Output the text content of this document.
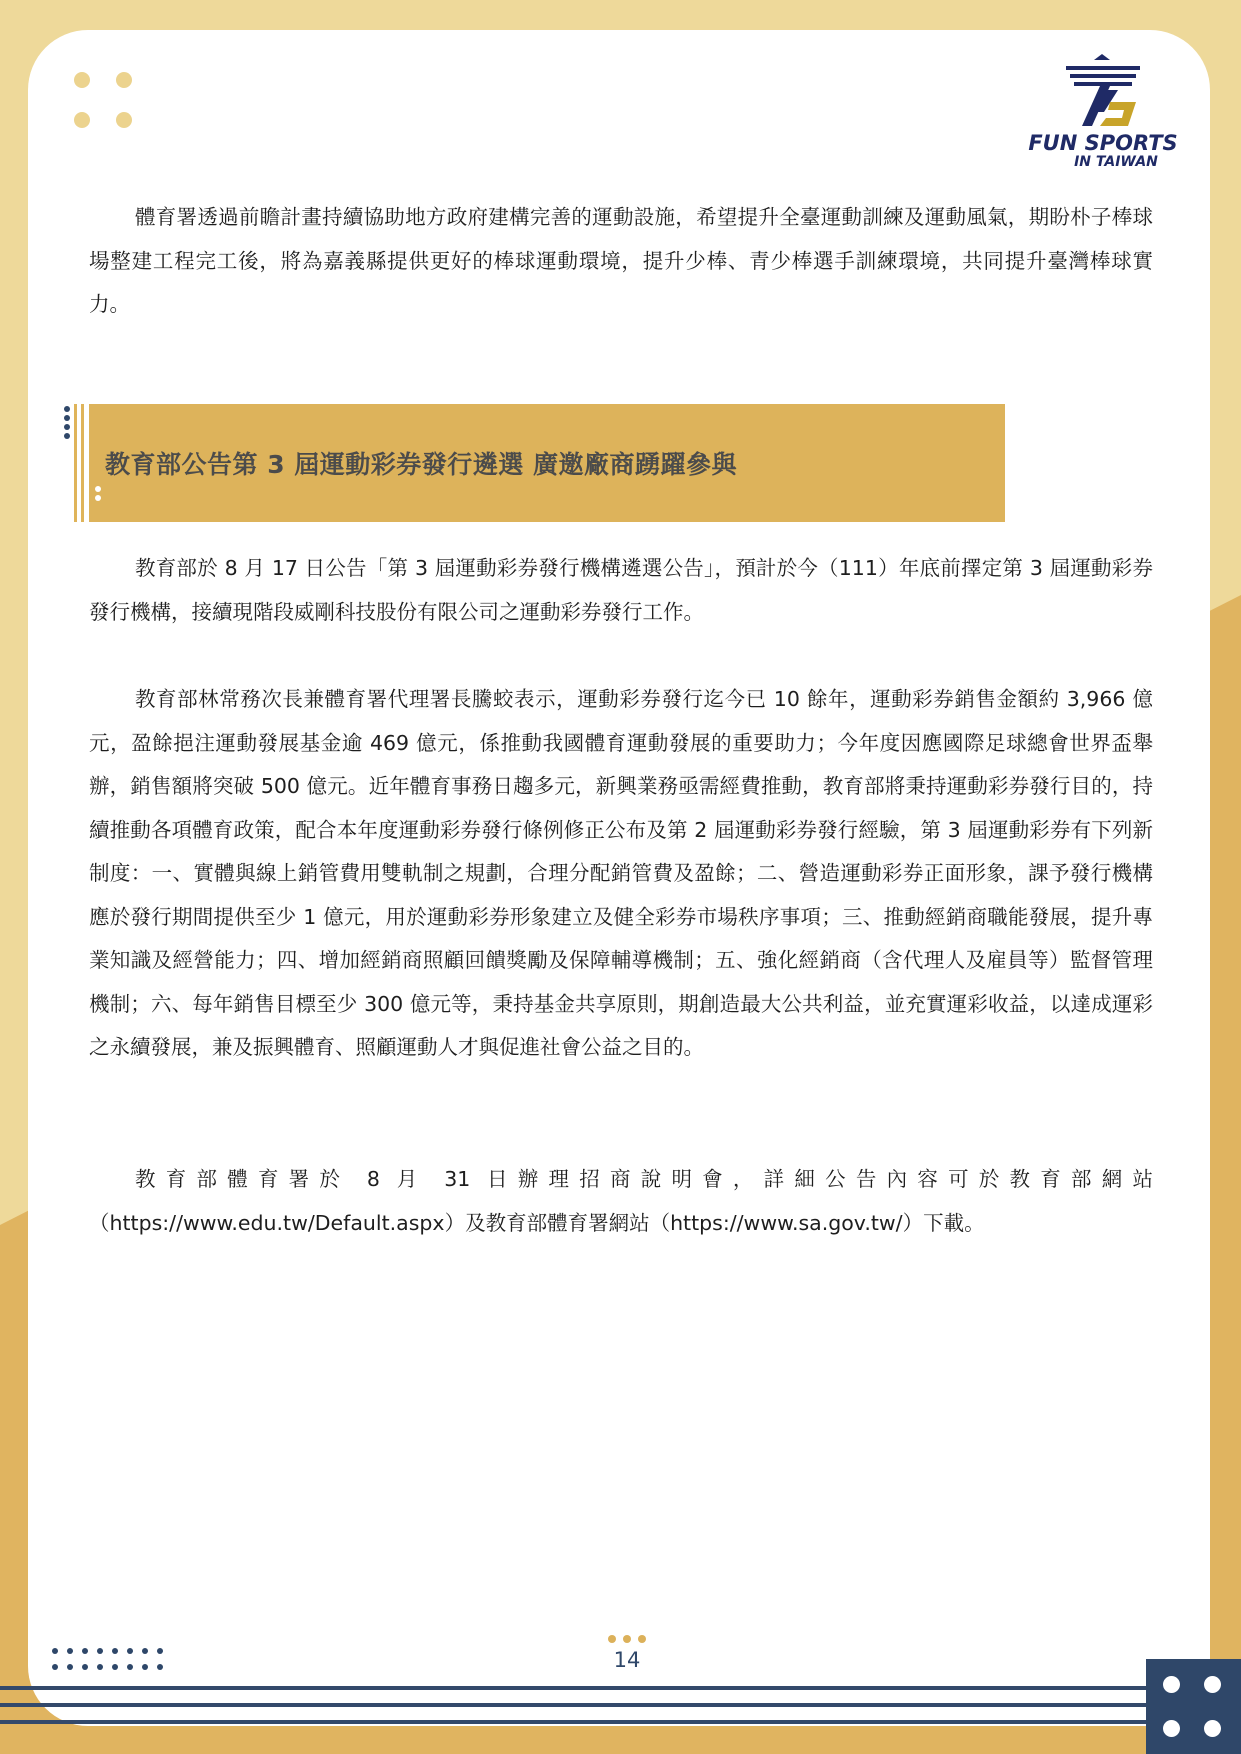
FUN SPORTS
IN TAIWAN

體育署透過前瞻計畫持續協助地方政府建構完善的運動設施，希望提升全臺運動訓練及運動風氣，期盼朴子棒球場整建工程完工後，將為嘉義縣提供更好的棒球運動環境，提升少棒、青少棒選手訓練環境，共同提升臺灣棒球實力。

教育部公告第 3 屆運動彩券發行遴選 廣邀廠商踴躍參與

教育部於 8 月 17 日公告「第 3 屆運動彩券發行機構遴選公告」，預計於今（111）年底前擇定第 3 屆運動彩券發行機構，接續現階段威剛科技股份有限公司之運動彩券發行工作。

教育部林常務次長兼體育署代理署長騰蛟表示，運動彩券發行迄今已 10 餘年，運動彩券銷售金額約 3,966 億元，盈餘挹注運動發展基金逾 469 億元，係推動我國體育運動發展的重要助力；今年度因應國際足球總會世界盃舉辦，銷售額將突破 500 億元。近年體育事務日趨多元，新興業務亟需經費推動，教育部將秉持運動彩券發行目的，持續推動各項體育政策，配合本年度運動彩券發行條例修正公布及第 2 屆運動彩券發行經驗，第 3 屆運動彩券有下列新制度：一、實體與線上銷管費用雙軌制之規劃，合理分配銷管費及盈餘；二、營造運動彩券正面形象，課予發行機構應於發行期間提供至少 1 億元，用於運動彩券形象建立及健全彩券市場秩序事項；三、推動經銷商職能發展，提升專業知識及經營能力；四、增加經銷商照顧回饋獎勵及保障輔導機制；五、強化經銷商（含代理人及雇員等）監督管理機制；六、每年銷售目標至少 300 億元等，秉持基金共享原則，期創造最大公共利益，並充實運彩收益，以達成運彩之永續發展，兼及振興體育、照顧運動人才與促進社會公益之目的。

教育部體育署於 8 月 31 日辦理招商說明會，詳細公告內容可於教育部網站（https://www.edu.tw/Default.aspx）及教育部體育署網站（https://www.sa.gov.tw/）下載。

14
